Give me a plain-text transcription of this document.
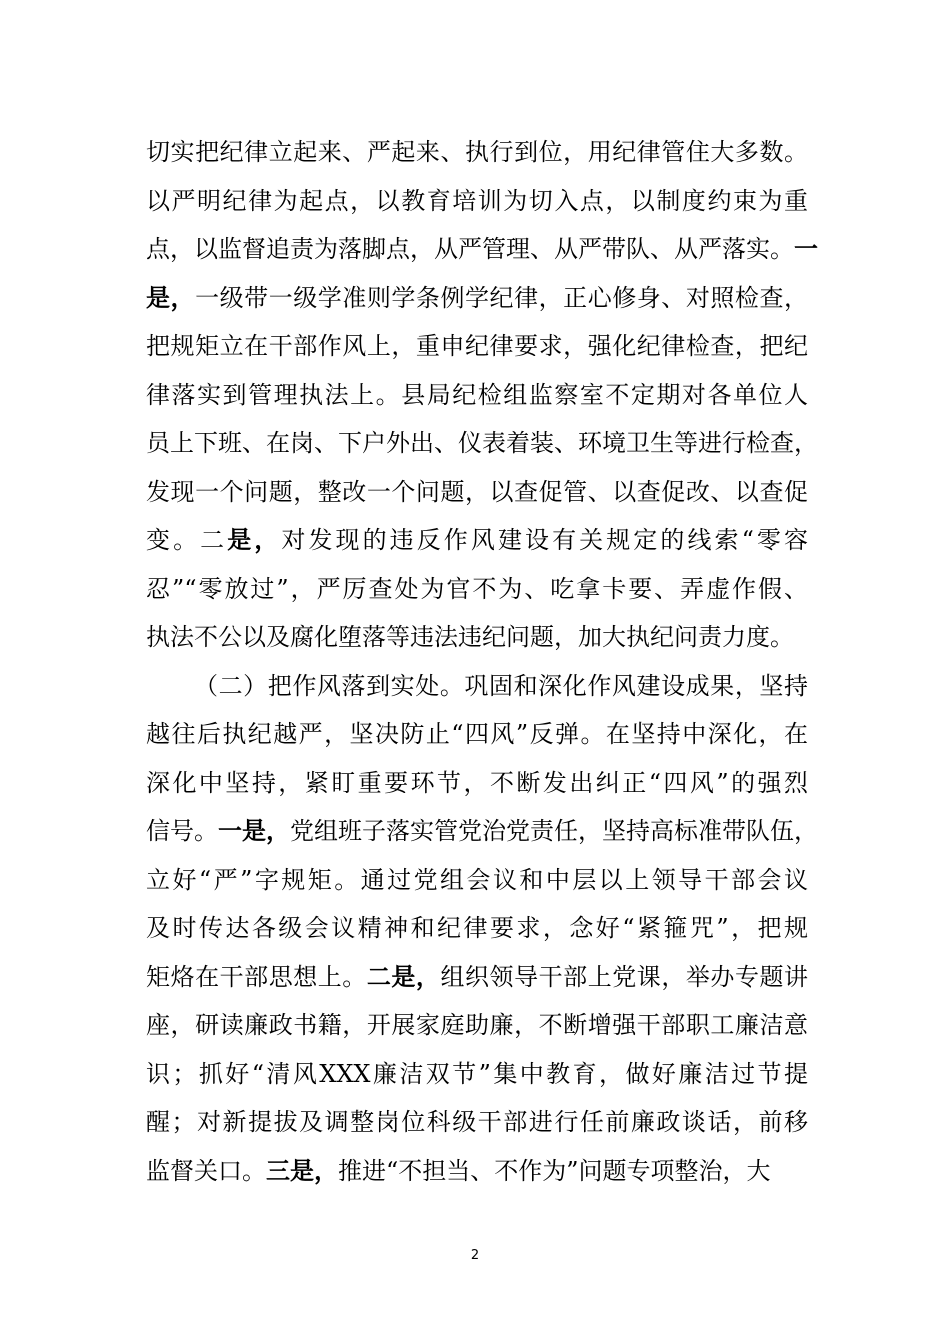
切实把纪律立起来、严起来、执行到位，用纪律管住大多数。
以严明纪律为起点，以教育培训为切入点，以制度约束为重
点，以监督追责为落脚点，从严管理、从严带队、从严落实。一
是，一级带一级学准则学条例学纪律，正心修身、对照检查，
把规矩立在干部作风上，重申纪律要求，强化纪律检查，把纪
律落实到管理执法上。县局纪检组监察室不定期对各单位人
员上下班、在岗、下户外出、仪表着装、环境卫生等进行检查，
发现一个问题，整改一个问题，以查促管、以查促改、以查促
变。二是，对发现的违反作风建设有关规定的线索“零容
忍”“零放过”，严厉查处为官不为、吃拿卡要、弄虚作假、
执法不公以及腐化堕落等违法违纪问题，加大执纪问责力度。
（二）把作风落到实处。巩固和深化作风建设成果，坚持
越往后执纪越严，坚决防止“四风”反弹。在坚持中深化，在
深化中坚持，紧盯重要环节，不断发出纠正“四风”的强烈
信号。一是，党组班子落实管党治党责任，坚持高标准带队伍，
立好“严”字规矩。通过党组会议和中层以上领导干部会议
及时传达各级会议精神和纪律要求，念好“紧箍咒”，把规
矩烙在干部思想上。二是，组织领导干部上党课，举办专题讲
座，研读廉政书籍，开展家庭助廉，不断增强干部职工廉洁意
识；抓好“清风XXX廉洁双节”集中教育，做好廉洁过节提
醒；对新提拔及调整岗位科级干部进行任前廉政谈话，前移
监督关口。三是，推进“不担当、不作为”问题专项整治，大
2
